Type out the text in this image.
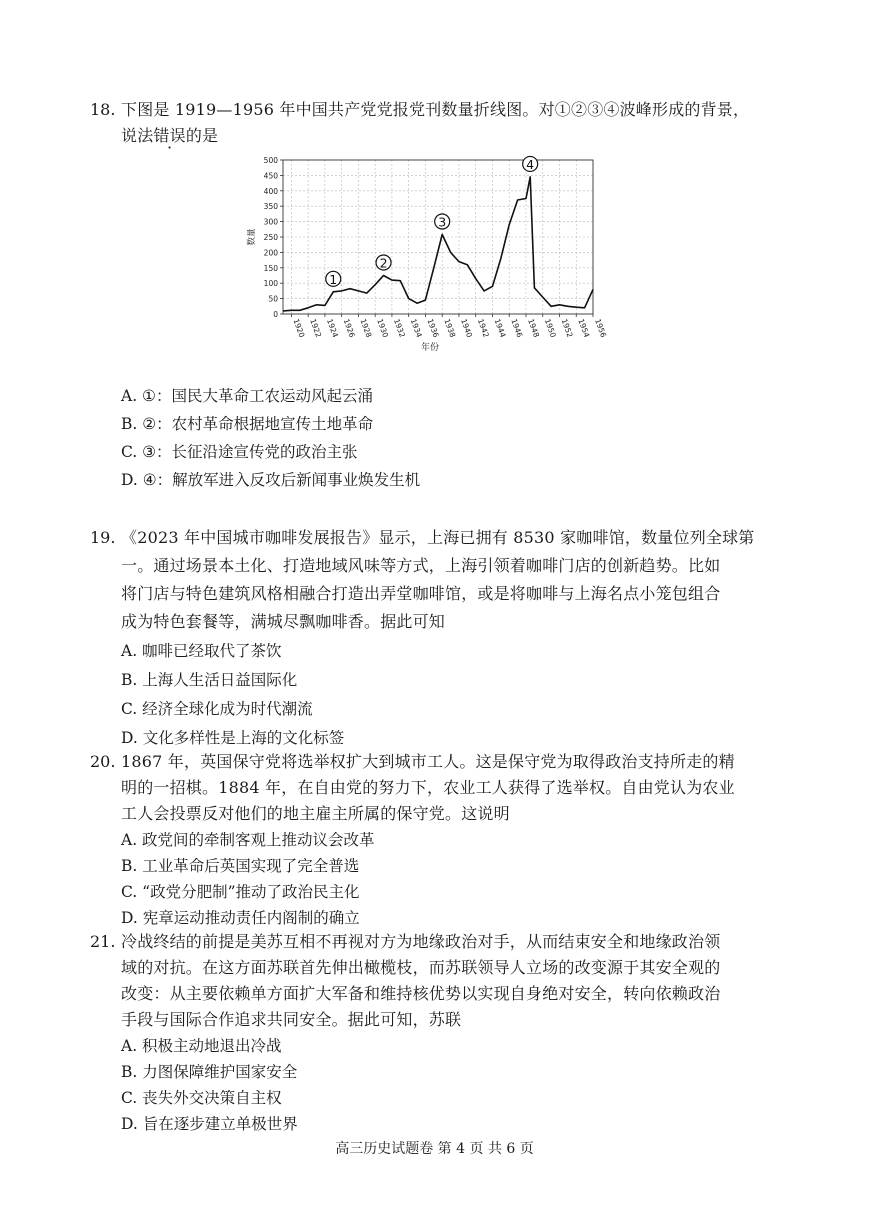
18. 下图是 1919—1956 年中国共产党党报党刊数量折线图。对①②③④波峰形成的背景，
说法错误的是
0
50
100
150
200
250
300
350
400
450
500
1920 1922 1924 1926 1928 1930 1932 1934 1936 1938 1940 1942 1944 1946 1948 1950 1952 1954 1956
数量
年份
1
2
3
4
A. ①：国民大革命工农运动风起云涌
B. ②：农村革命根据地宣传土地革命
C. ③：长征沿途宣传党的政治主张
D. ④：解放军进入反攻后新闻事业焕发生机
19. 《2023 年中国城市咖啡发展报告》显示，上海已拥有 8530 家咖啡馆，数量位列全球第
一。通过场景本土化、打造地域风味等方式，上海引领着咖啡门店的创新趋势。比如
将门店与特色建筑风格相融合打造出弄堂咖啡馆，或是将咖啡与上海名点小笼包组合
成为特色套餐等，满城尽飘咖啡香。据此可知
A. 咖啡已经取代了茶饮
B. 上海人生活日益国际化
C. 经济全球化成为时代潮流
D. 文化多样性是上海的文化标签
20. 1867 年，英国保守党将选举权扩大到城市工人。这是保守党为取得政治支持所走的精
明的一招棋。1884 年，在自由党的努力下，农业工人获得了选举权。自由党认为农业
工人会投票反对他们的地主雇主所属的保守党。这说明
A. 政党间的牵制客观上推动议会改革
B. 工业革命后英国实现了完全普选
C. “政党分肥制”推动了政治民主化
D. 宪章运动推动责任内阁制的确立
21. 冷战终结的前提是美苏互相不再视对方为地缘政治对手，从而结束安全和地缘政治领
域的对抗。在这方面苏联首先伸出橄榄枝，而苏联领导人立场的改变源于其安全观的
改变：从主要依赖单方面扩大军备和维持核优势以实现自身绝对安全，转向依赖政治
手段与国际合作追求共同安全。据此可知，苏联
A. 积极主动地退出冷战
B. 力图保障维护国家安全
C. 丧失外交决策自主权
D. 旨在逐步建立单极世界
高三历史试题卷 第 4 页 共 6 页
